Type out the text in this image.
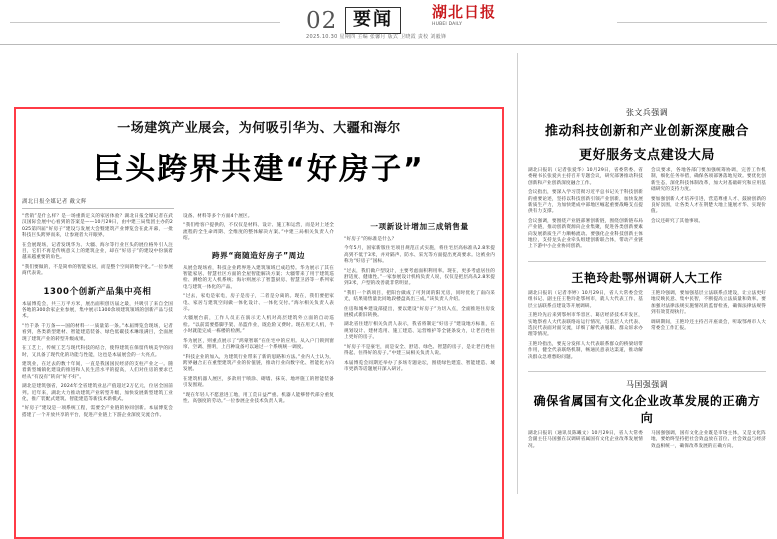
02 要闻
2025.10.30 星期四 主编 张馨月 版式 卫晓霞 责校 刘毅锋
湖北日报
HUBEI DAILY
一场建筑产业展会，为何吸引华为、大疆和海尔
巨头跨界共建“好房子”
湖北日报全媒记者 戴文辉

“营销”是什么样？是一场重新定义的家居体验？湖北日报全媒记者在武汉国际会展中心看到的答案是——10月29日，由中建三局集团主办的2025第四届“好房子”建设与发展大会暨建筑产业博览会在此开幕，一批科技巨头跨界而来，让参观者大开眼界。

在会展现场，记者发现华为、大疆、海尔等行业巨头的展位格外引人注目，它们不再是传统意义上的建筑企业，却在“好房子”的建设中扮演着越来越重要的角色。

“我们要做的，不是简单的智能家居，而是整个空间的数字化。”一位参展商代表说。

1300个创新产品集中亮相

本届博览会，共三万平方米，展出面积创历届之最，共吸引了来自全国各地的300余家企业参展，集中展示1300余项建筑领域的创新产品与技术。

“竹千条 千万条——国的材料一一质量第一条。”本届博览会现场，记者看到，各类新型建材、智能建造装备、绿色低碳技术琳琅满目，全面展现了建筑产业的转型升级成果。

在工艺上，传统工艺与现代科技的结合，使得建筑在保留传统美学的同时，又具备了现代化的功能与性能，这也是本届展会的一大亮点。

建筑业，在过去的数十年间，一直是我国国民经济的支柱产业之一。随着新型城镇化建设的推进和人民生活水平的提高，人们对住房的要求已经从“有没有”转向“好不好”。

湖北是建筑强省，2024年全省建筑业总产值超过2万亿元，位居全国前列。近年来，湖北大力推动建筑产业转型升级，加快发展新型建筑工业化，推广装配式建筑、智能建造等新技术新模式。

“好房子”建设是一项系统工程，需要全产业链的协同创新。本届博览会搭建了一个开放共享的平台，促进产业链上下游企业深度交流合作。

设备、材料等多个方面4个展区。

“我们给客户提供的，不仅仅是材料、设计、施工和运营，而是对上述全流程的全生命周期、全维度的整体解决方案。”中建三局相关负责人介绍。

跨界“商随造好房子”周边

从展会现场看，科技企业跨界进入建筑领域已成趋势。华为展示了其在智能家居、智慧社区方面的全屋智能解决方案；大疆带来了用于建筑巡检、测绘的无人机系统；海尔则展示了智慧厨房、智慧卫浴等一系列家电与建筑一体化的产品。

“过去，家电是家电，房子是房子，二者是分离的。现在，我们要把家电、家居与建筑空间做一体化设计、一体化交付。”海尔相关负责人表示。

大疆展台前，工作人员正在演示无人机对高层建筑外立面的自动巡检。“以前需要搭脚手架、吊篮作业，既危险又费时。现在用无人机，半小时就能完成一栋楼的检测。”

华为展区，则重点展示了“鸿蒙智联”在住宅中的应用。从入户门锁到窗帘、空调、照明，上百种设备可以通过一个系统统一调度。

“科技企业的加入，为建筑行业带来了新的思路和方法。”业内人士认为，跨界融合正在重塑建筑产业的价值链，推动行业向数字化、智能化方向发展。

在建筑机器人展区，多款用于喷涂、砌墙、抹灰、地坪施工的智能装备引发围观。

“现在年轻人不愿意进工地，用工荒日益严重。机器人能够替代部分重复性、高强度的劳动。”一位参展企业技术负责人说。

一项新设计增加三成销售量

“好房子”的标准是什么？

今年5月，国家新版住宅项目规范正式实施，将住宅层高标准从2.8米提高到不低于3米，并对隔声、防水、采光等方面提出更高要求。这被业内称为“好房子”国标。

“过去，我们做户型设计，主要考虑面积利用率。现在，更多考虑居住的舒适度、健康性。”一家参展设计机构负责人说，仅仅是把层高从2.8米提到3米，户型的改善就非常明显。

“我们一个新项目，把阳台做成了可封闭的阳光房，同时优化了南向采光，结果销售量比同地段楼盘高出三成。”该负责人介绍。

住房和城乡建设部提出，要以建设“好房子”为切入点，全面推进住房发展模式新旧转换。

湖北省住建厅相关负责人表示，我省将制定“好房子”建设地方标准，在规划设计、建材选用、施工建造、运营维护等全链条发力，让老百姓住上更好的房子。

“好房子不是豪宅，而是安全、舒适、绿色、智慧的房子，是让老百姓住得起、住得好的房子。”中建三局相关负责人说。

本届博览会同期还举办了多场专题论坛，围绕绿色建造、智能建造、城市更新等话题展开深入研讨。

张文兵强调
推动科技创新和产业创新深度融合
更好服务支点建设大局

湖北日报讯（记者张爱华）10月29日，省委常委、省委秘书长张爱兵主持召开专题会议，研究部署推动科技创新和产业创新深度融合工作。

会议指出，要深入学习贯彻习近平总书记关于科技创新的重要论述，坚持以科技创新引领产业创新，加快发展新质生产力，为加快建成中部地区崛起重要战略支点提供有力支撑。

会议强调，要围绕产业链部署创新链，围绕创新链布局产业链，推动创新资源向企业集聚，促进各类创新要素向发展新质生产力顺畅流动。要强化企业科技创新主体地位，支持龙头企业牵头组建创新联合体，带动产业链上下游中小企业协同创新。

会议要求，各地各部门要加强统筹协调，完善工作机制，细化任务举措，确保各项部署落地见效。要优化创新生态，深化科技体制改革，加大对基础研究和应用基础研究的支持力度。

要加强创新人才培养引进，营造尊重人才、鼓励创新的良好氛围，让各类人才在荆楚大地上施展才华、实现价值。

会议还研究了其他事项。

王艳玲赴鄂州调研人大工作

湖北日报讯（记者李婷）10月29日，省人大常委会党组书记、副主任王艳玲赴鄂州市，就人大代表工作、基层立法联系点建设等开展调研。

王艳玲先后来到鄂州市华容区、葛店经济技术开发区，实地察看人大代表联络站运行情况，与基层人大代表、选民代表面对面交流，详细了解代表履职、群众诉求办理等情况。

王艳玲指出，要充分发挥人大代表联系群众的桥梁纽带作用，健全代表联络机制，畅通民意表达渠道，推动解决群众急难愁盼问题。

王艳玲强调，要加强基层立法联系点建设，让立法更好地反映民意、集中民智，不断提高立法质量和效率。要加强对法律法规实施情况的监督检查，确保法律法规得到有效贯彻执行。

调研期间，王艳玲还主持召开座谈会，听取鄂州市人大常委会工作汇报。

马国强强调
确保省属国有文化企业改革发展的正确方向

湖北日报讯（通讯员陈曦文）10月29日，省人大常委会副主任马国强在汉调研省属国有文化企业改革发展情况。

马国强强调，国有文化企业既是市场主体，又是文化阵地，要始终坚持把社会效益放在首位、社会效益与经济效益相统一，确保改革发展的正确方向。
